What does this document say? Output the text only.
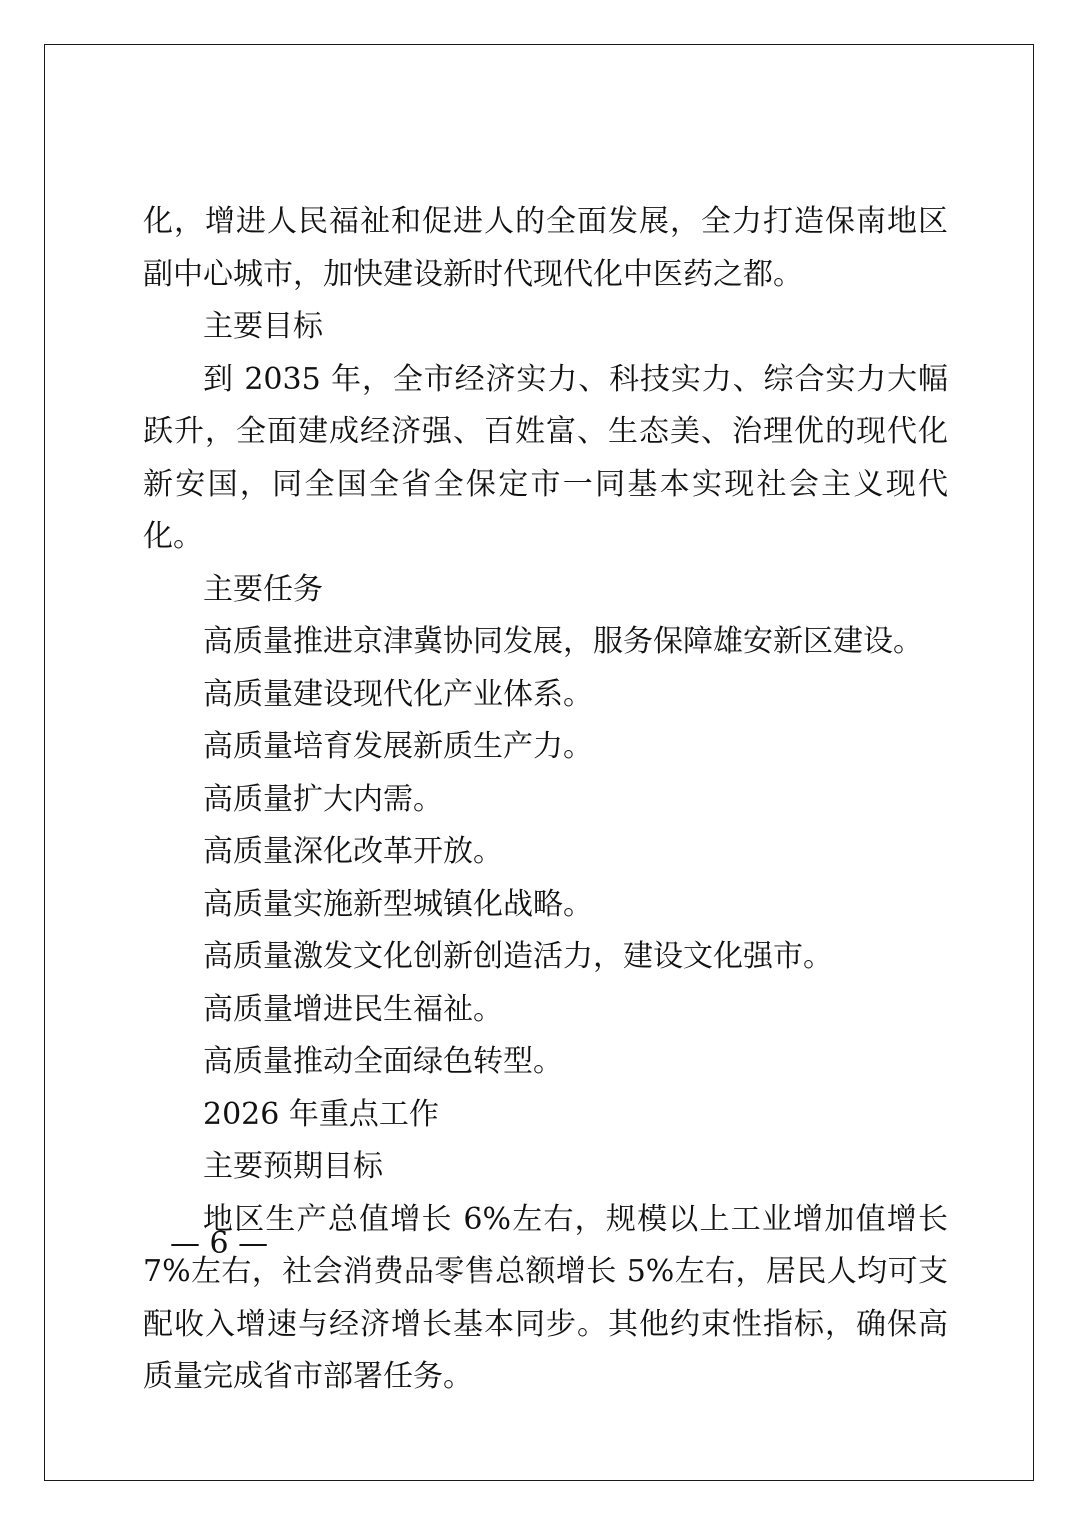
化，增进人民福祉和促进人的全面发展，全力打造保南地区副中心城市，加快建设新时代现代化中医药之都。

主要目标

到 2035 年，全市经济实力、科技实力、综合实力大幅跃升，全面建成经济强、百姓富、生态美、治理优的现代化新安国，同全国全省全保定市一同基本实现社会主义现代化。

主要任务

高质量推进京津冀协同发展，服务保障雄安新区建设。

高质量建设现代化产业体系。

高质量培育发展新质生产力。

高质量扩大内需。

高质量深化改革开放。

高质量实施新型城镇化战略。

高质量激发文化创新创造活力，建设文化强市。

高质量增进民生福祉。

高质量推动全面绿色转型。

2026 年重点工作

主要预期目标

地区生产总值增长 6%左右，规模以上工业增加值增长 7%左右，社会消费品零售总额增长 5%左右，居民人均可支配收入增速与经济增长基本同步。其他约束性指标，确保高质量完成省市部署任务。

— 6 —
